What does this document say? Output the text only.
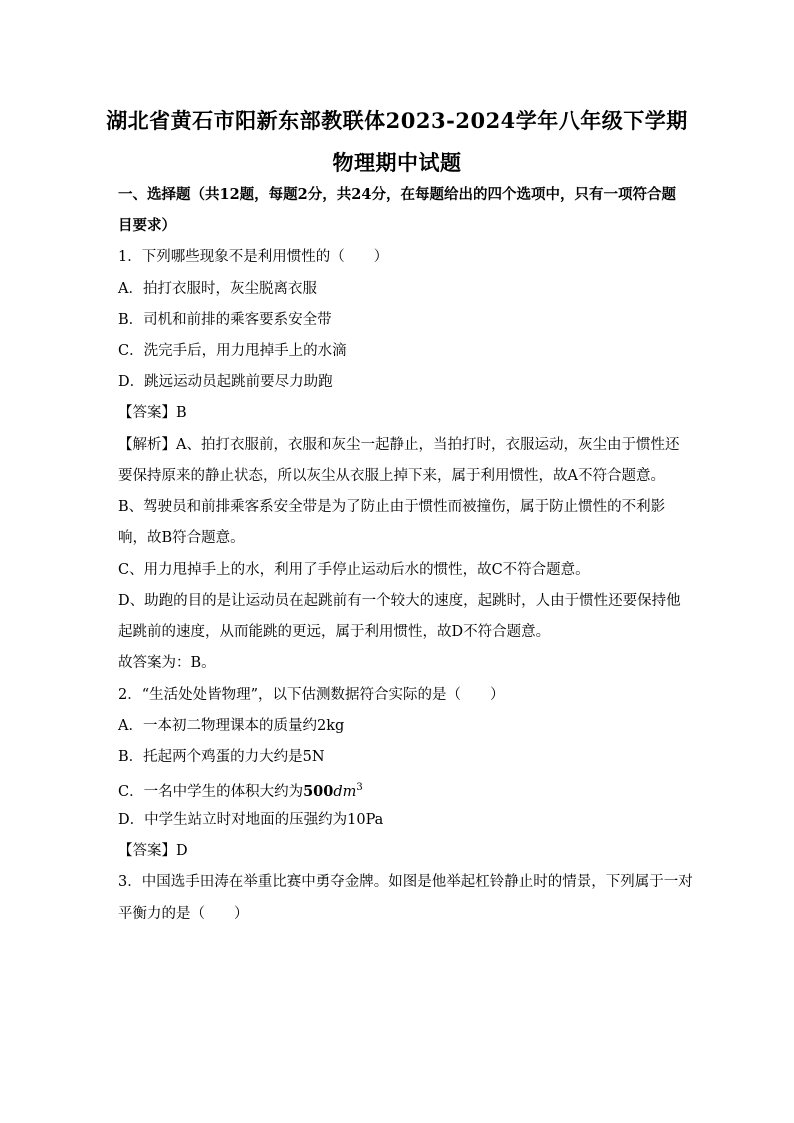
湖北省黄石市阳新东部教联体2023-2024学年八年级下学期
物理期中试题
一、选择题（共12题，每题2分，共24分，在每题给出的四个选项中，只有一项符合题
目要求）
1．下列哪些现象不是利用惯性的（　　）
A．拍打衣服时，灰尘脱离衣服
B．司机和前排的乘客要系安全带
C．洗完手后，用力甩掉手上的水滴
D．跳远运动员起跳前要尽力助跑
【答案】B
【解析】A、拍打衣服前，衣服和灰尘一起静止，当拍打时，衣服运动，灰尘由于惯性还
要保持原来的静止状态，所以灰尘从衣服上掉下来，属于利用惯性，故A不符合题意。
B、驾驶员和前排乘客系安全带是为了防止由于惯性而被撞伤，属于防止惯性的不利影
响，故B符合题意。
C、用力甩掉手上的水，利用了手停止运动后水的惯性，故C不符合题意。
D、助跑的目的是让运动员在起跳前有一个较大的速度，起跳时，人由于惯性还要保持他
起跳前的速度，从而能跳的更远，属于利用惯性，故D不符合题意。
故答案为：B。
2．“生活处处皆物理”，以下估测数据符合实际的是（　　）
A．一本初二物理课本的质量约2kg
B．托起两个鸡蛋的力大约是5N
C．一名中学生的体积大约为$500dm^3$
D．中学生站立时对地面的压强约为10Pa
【答案】D
3．中国选手田涛在举重比赛中勇夺金牌。如图是他举起杠铃静止时的情景，下列属于一对
平衡力的是（　　）
